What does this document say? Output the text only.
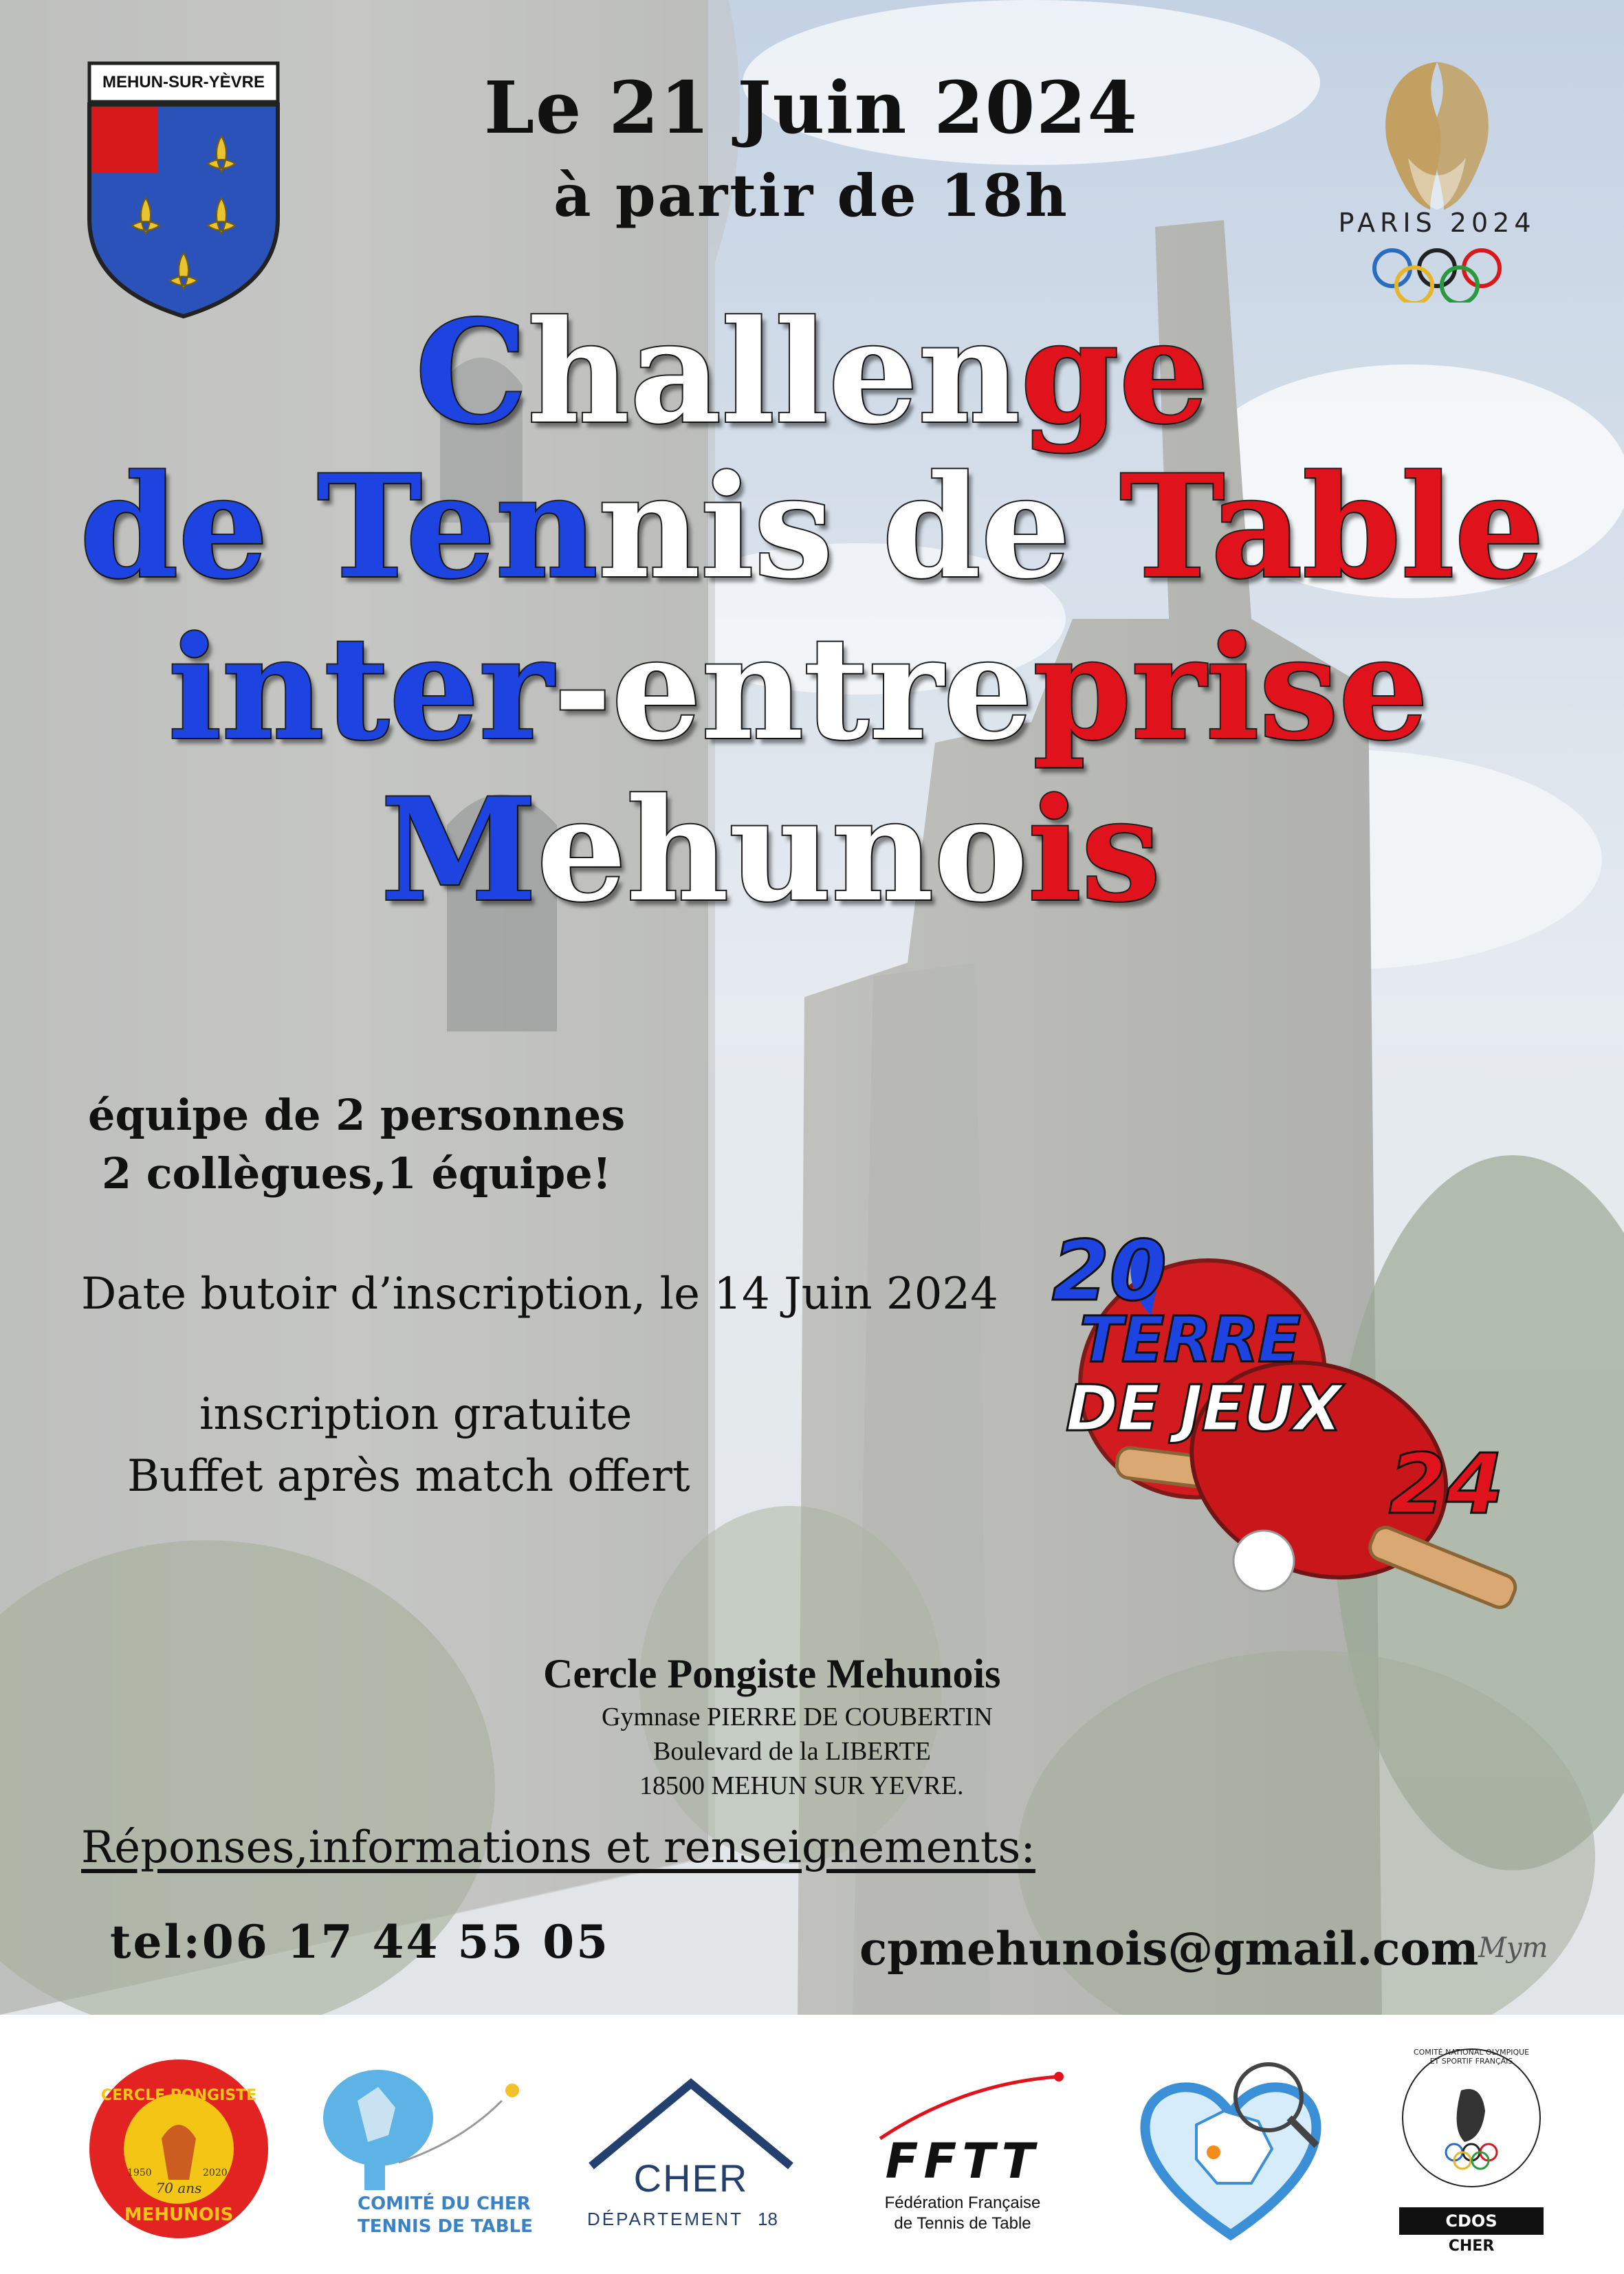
MEHUN-SUR-YÈVRE
PARIS 2024
Le 21 Juin 2024
à partir de 18h
Challenge
de Tennis de Table
inter-entreprise
Mehunois
équipe de 2 personnes
2 collègues,1 équipe!
Date butoir d’inscription, le 14 Juin 2024
inscription gratuite
Buffet après match offert
20
TERRE
DE JEUX
24
Cercle Pongiste Mehunois
Gymnase PIERRE DE COUBERTIN
Boulevard de la LIBERTE
18500 MEHUN SUR YEVRE.
Réponses,informations et renseignements:
tel:06 17 44 55 05	cpmehunois@gmail.com Mym
CERCLE PONGISTE
1950	2020
70 ans
MEHUNOIS
COMITÉ DU CHER
TENNIS DE TABLE
CHER
DÉPARTEMENT 18
FFTT
Fédération Française
de Tennis de Table
COMITÉ NATIONAL OLYMPIQUE ET SPORTIF FRANÇAIS
CDOS
CHER
